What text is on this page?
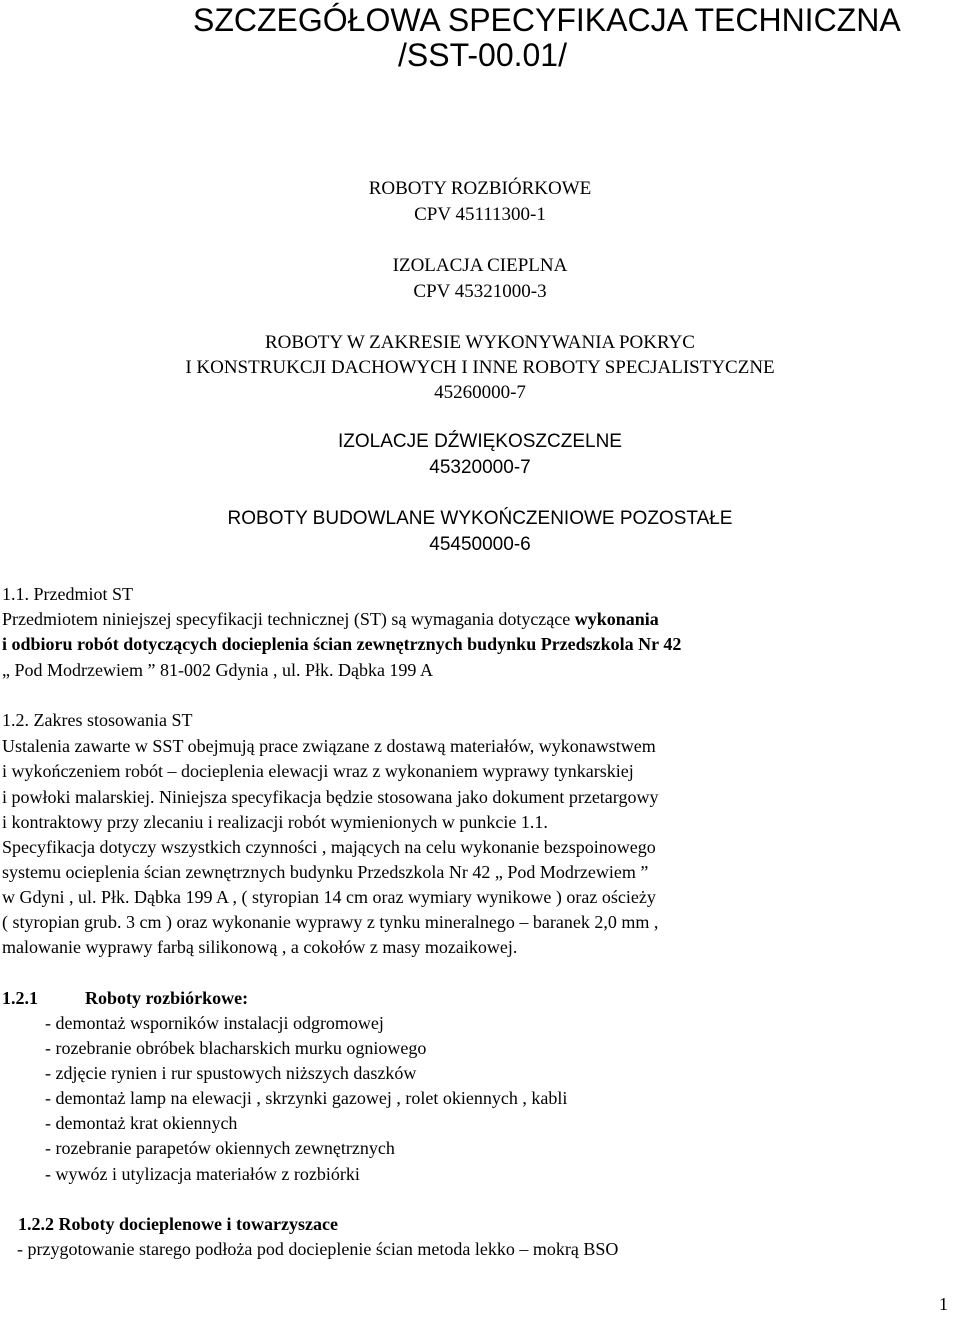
SZCZEGÓŁOWA SPECYFIKACJA TECHNICZNA
/SST-00.01/
ROBOTY ROZBIÓRKOWE
CPV 45111300-1
IZOLACJA CIEPLNA
CPV 45321000-3
ROBOTY W ZAKRESIE WYKONYWANIA POKRYC
I KONSTRUKCJI DACHOWYCH I INNE ROBOTY SPECJALISTYCZNE
45260000-7
IZOLACJE DŹWIĘKOSZCZELNE
45320000-7
ROBOTY BUDOWLANE WYKOŃCZENIOWE POZOSTAŁE
45450000-6
1.1. Przedmiot ST
Przedmiotem niniejszej specyfikacji technicznej (ST) są wymagania dotyczące wykonania
i odbioru robót dotyczących docieplenia ścian zewnętrznych budynku Przedszkola Nr 42
„ Pod Modrzewiem ” 81-002 Gdynia , ul. Płk. Dąbka 199 A
1.2. Zakres stosowania ST
Ustalenia zawarte w SST obejmują prace związane z dostawą materiałów, wykonawstwem
i wykończeniem robót – docieplenia elewacji wraz z wykonaniem wyprawy tynkarskiej
i powłoki malarskiej. Niniejsza specyfikacja będzie stosowana jako dokument przetargowy
i kontraktowy przy zlecaniu i realizacji robót wymienionych w punkcie 1.1.
Specyfikacja dotyczy wszystkich czynności , mających na celu wykonanie bezspoinowego
systemu ocieplenia ścian zewnętrznych budynku Przedszkola Nr 42 „ Pod Modrzewiem ”
w Gdyni , ul. Płk. Dąbka 199 A , ( styropian 14 cm oraz wymiary wynikowe ) oraz ościeży
( styropian grub. 3 cm ) oraz wykonanie wyprawy z tynku mineralnego – baranek 2,0 mm ,
malowanie wyprawy farbą silikonową , a cokołów z masy mozaikowej.
1.2.1	Roboty rozbiórkowe:
- demontaż wsporników instalacji odgromowej
- rozebranie obróbek blacharskich murku ogniowego
- zdjęcie rynien i rur spustowych niższych daszków
- demontaż lamp na elewacji , skrzynki gazowej , rolet okiennych , kabli
- demontaż krat okiennych
- rozebranie parapetów okiennych zewnętrznych
- wywóz i utylizacja materiałów z rozbiórki
1.2.2 Roboty docieplenowe i towarzyszace
- przygotowanie starego podłoża pod docieplenie ścian metoda lekko – mokrą BSO
1
